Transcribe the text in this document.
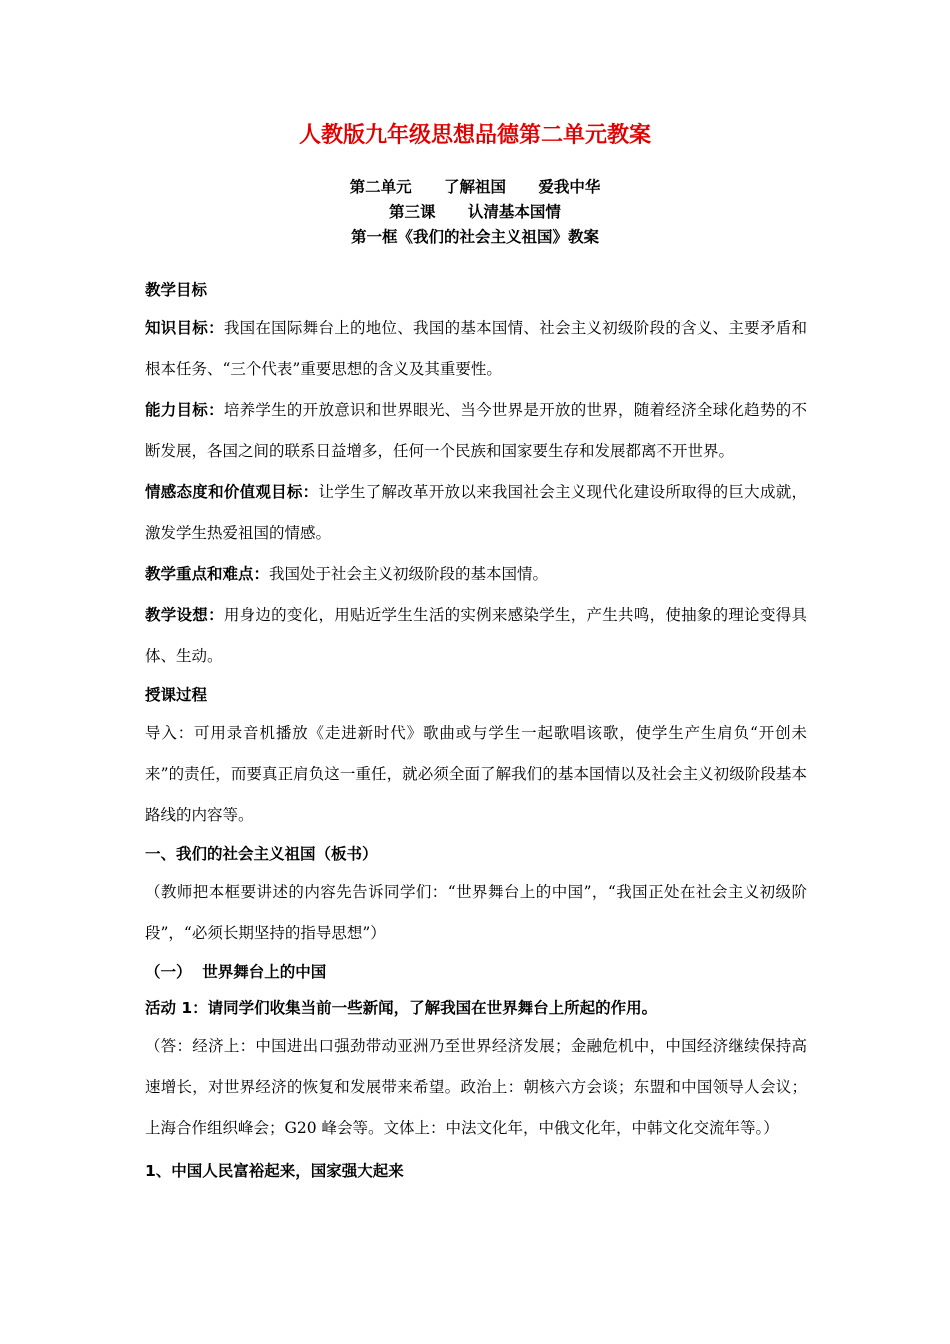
人教版九年级思想品德第二单元教案
第二单元      了解祖国      爱我中华
第三课      认清基本国情
第一框《我们的社会主义祖国》教案

教学目标

知识目标：我国在国际舞台上的地位、我国的基本国情、社会主义初级阶段的含义、主要矛盾和根本任务、“三个代表”重要思想的含义及其重要性。

能力目标：培养学生的开放意识和世界眼光、当今世界是开放的世界，随着经济全球化趋势的不断发展，各国之间的联系日益增多，任何一个民族和国家要生存和发展都离不开世界。

情感态度和价值观目标：让学生了解改革开放以来我国社会主义现代化建设所取得的巨大成就，激发学生热爱祖国的情感。

教学重点和难点：我国处于社会主义初级阶段的基本国情。

教学设想：用身边的变化，用贴近学生生活的实例来感染学生，产生共鸣，使抽象的理论变得具体、生动。

授课过程

导入：可用录音机播放《走进新时代》歌曲或与学生一起歌唱该歌，使学生产生肩负“开创未来”的责任，而要真正肩负这一重任，就必须全面了解我们的基本国情以及社会主义初级阶段基本路线的内容等。

一、我们的社会主义祖国（板书）

（教师把本框要讲述的内容先告诉同学们：“世界舞台上的中国”，“我国正处在社会主义初级阶段”，“必须长期坚持的指导思想”）

（一）  世界舞台上的中国

活动 1：请同学们收集当前一些新闻，了解我国在世界舞台上所起的作用。

（答：经济上：中国进出口强劲带动亚洲乃至世界经济发展；金融危机中，中国经济继续保持高速增长，对世界经济的恢复和发展带来希望。政治上：朝核六方会谈；东盟和中国领导人会议；上海合作组织峰会；G20 峰会等。文体上：中法文化年，中俄文化年，中韩文化交流年等。）

1、中国人民富裕起来，国家强大起来
